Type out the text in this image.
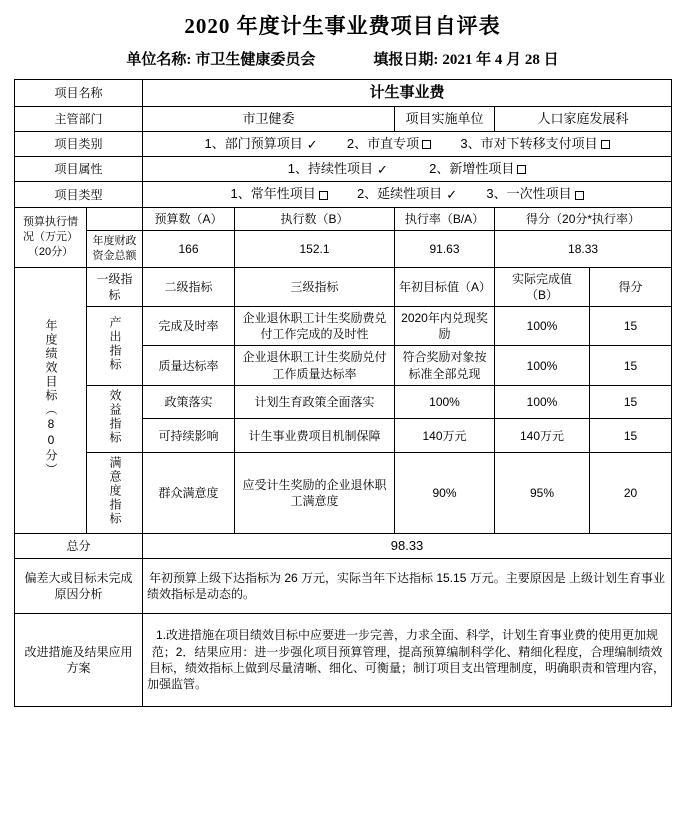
2020 年度计生事业费项目自评表
单位名称: 市卫生健康委员会	填报日期: 2021 年 4 月 28 日
项目名称		计生事业费				
主管部门		市卫健委		项目实施单位	人口家庭发展科	
项目类别		1、部门预算项目 ✓ 2、市直专项 3、市对下转移支付项目				
项目属性		1、持续性项目 ✓ 2、新增性项目				
项目类型		1、常年性项目 2、延续性项目 ✓ 3、一次性项目				
预算执行情况（万元）（20分）		预算数（A）	执行数（B）	执行率（B/A）	得分（20分*执行率）	
	年度财政资金总额	166	152.1	91.63	18.33	
年度绩效目标（80分）	一级指标	二级指标	三级指标	年初目标值（A）	实际完成值（B）	得分
	产出指标	完成及时率	企业退休职工计生奖励费兑付工作完成的及时性	2020年内兑现奖励	100%	15
		质量达标率	企业退休职工计生奖励兑付工作质量达标率	符合奖励对象按标准全部兑现	100%	15
	效益指标	政策落实	计划生育政策全面落实	100%	100%	15
		可持续影响	计生事业费项目机制保障	140万元	140万元	15
	满意度指标	群众满意度	应受计生奖励的企业退休职工满意度	90%	95%	20
总分		98.33				
偏差大或目标未完成原因分析		年初预算上级下达指标为 26 万元，实际当年下达指标 15.15 万元。主要原因是 上级计划生育事业绩效指标是动态的。				
改进措施及结果应用方案		1.改进措施在项目绩效目标中应要进一步完善，力求全面、科学，计划生育事业费的使用更加规范；2．结果应用：进一步强化项目预算管理，提高预算编制科学化、精细化程度，合理编制绩效目标，绩效指标上做到尽量清晰、细化、可衡量；制订项目支出管理制度，明确职责和管理内容，加强监管。				
